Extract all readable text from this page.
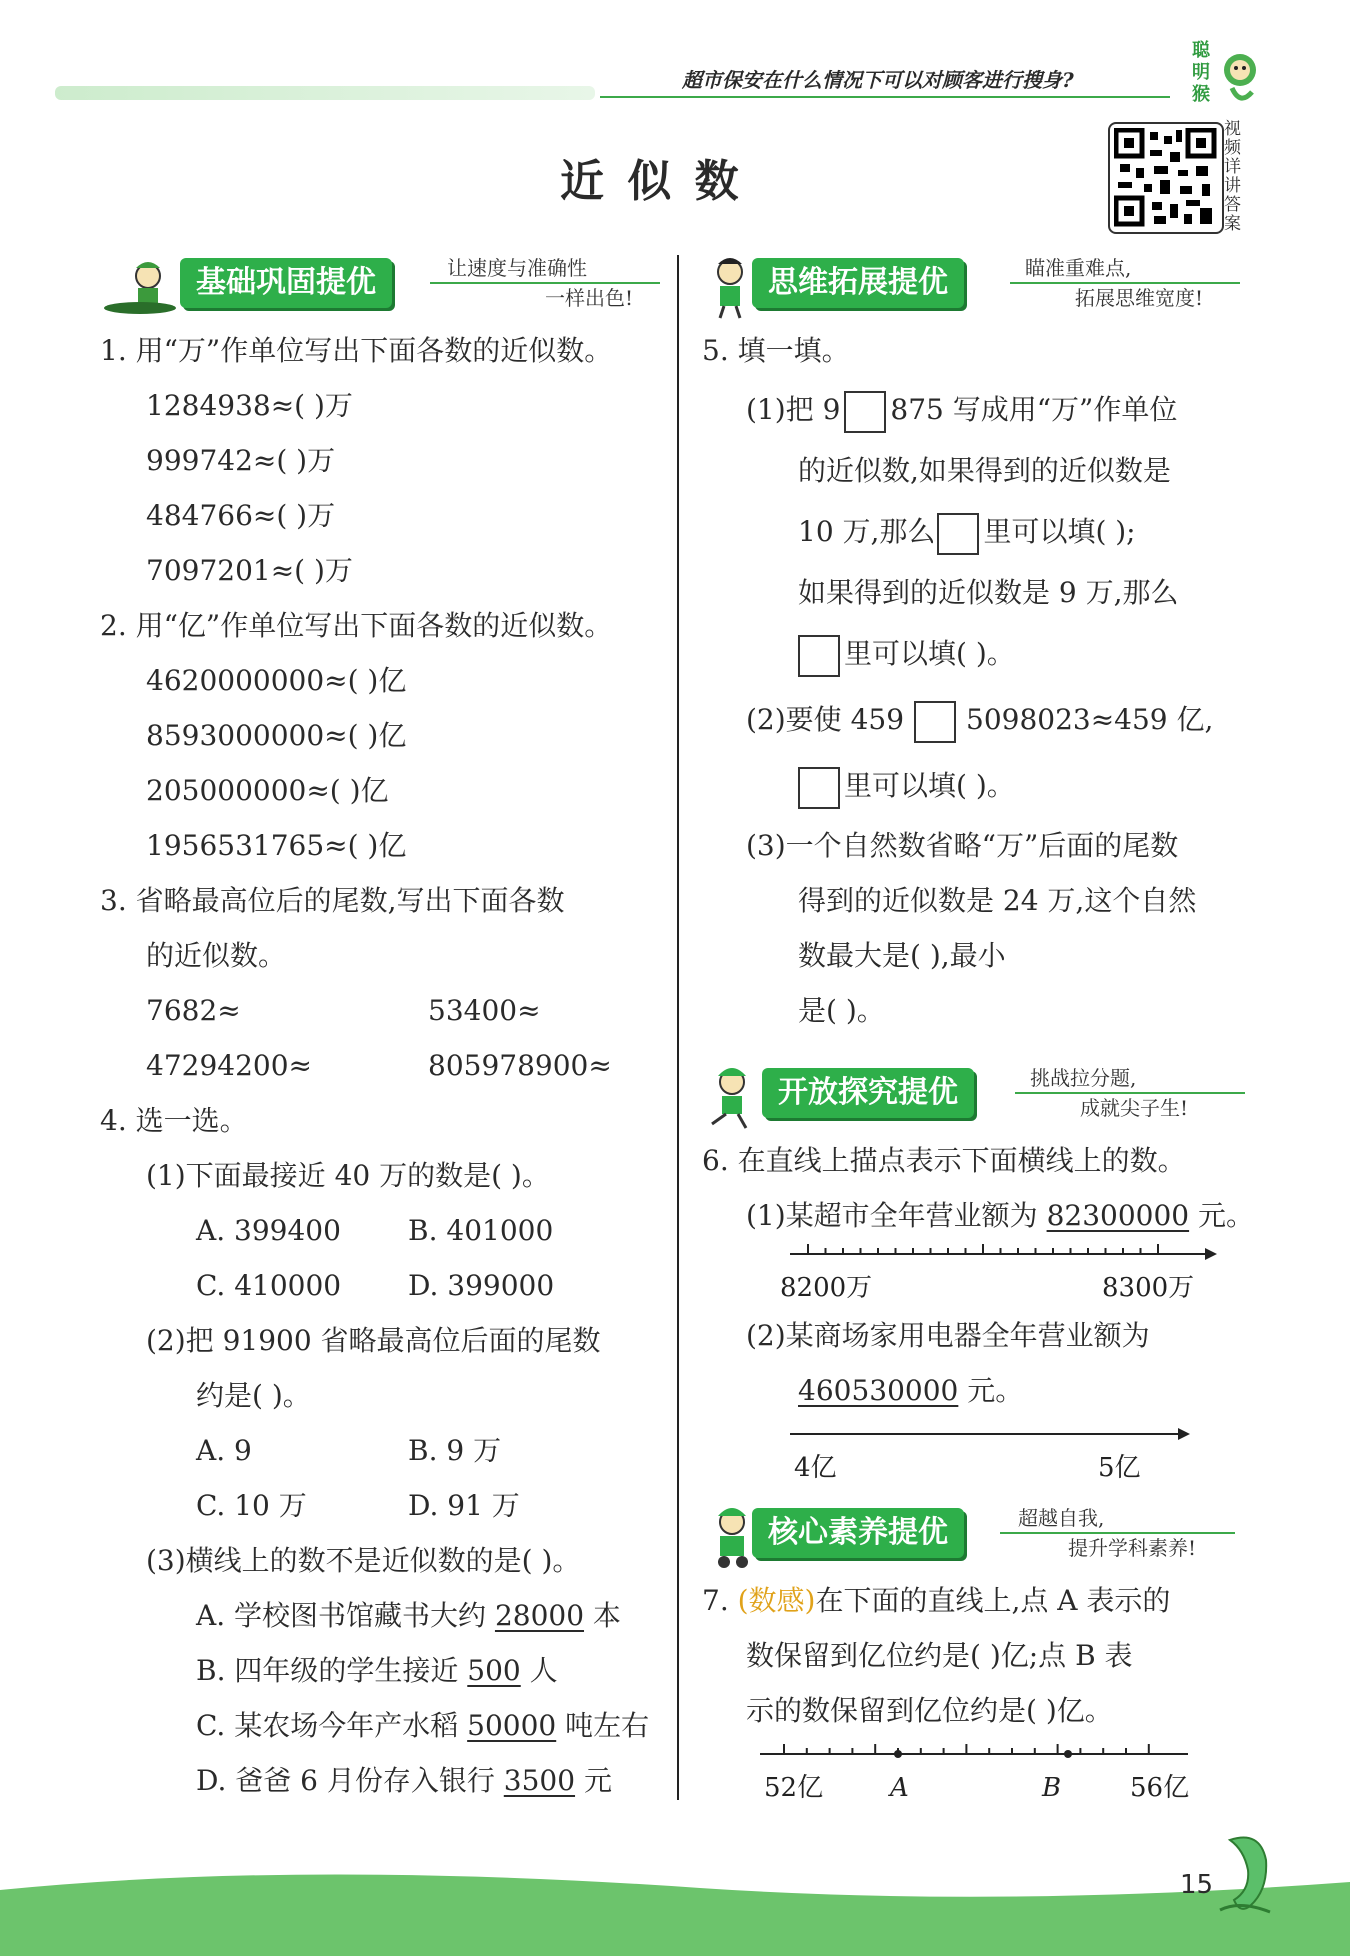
超市保安在什么情况下可以对顾客进行搜身?
聪明猴
近 似 数
视频详讲答案
基础巩固提优	让速度与准确性
一样出色!	思维拓展提优	瞄准重难点,
拓展思维宽度!
1. 用“万”作单位写出下面各数的近似数。
1284938≈( )万
999742≈( )万
484766≈( )万
7097201≈( )万
2. 用“亿”作单位写出下面各数的近似数。
4620000000≈( )亿
8593000000≈( )亿
205000000≈( )亿
1956531765≈( )亿
3. 省略最高位后的尾数,写出下面各数
的近似数。
7682≈	53400≈
47294200≈	805978900≈
4. 选一选。
(1)下面最接近 40 万的数是( )。
A. 399400 B. 401000
C. 410000 D. 399000
(2)把 91900 省略最高位后面的尾数
约是( )。
A. 9	B. 9 万
C. 10 万	D. 91 万
(3)横线上的数不是近似数的是( )。
A. 学校图书馆藏书大约 28000 本
B. 四年级的学生接近 500 人
C. 某农场今年产水稻 50000 吨左右
D. 爸爸 6 月份存入银行 3500 元
5. 填一填。
(1)把 9 875 写成用“万”作单位
的近似数,如果得到的近似数是
10 万,那么 里可以填( );
如果得到的近似数是 9 万,那么
里可以填( )。
(2)要使 459 5098023≈459 亿,
里可以填( )。
(3)一个自然数省略“万”后面的尾数
得到的近似数是 24 万,这个自然
数最大是( ),最小
是( )。
开放探究提优	挑战拉分题,
成就尖子生!
6. 在直线上描点表示下面横线上的数。
(1)某超市全年营业额为 82300000 元。
8200万	8300万
(2)某商场家用电器全年营业额为
460530000 元。
4亿	5亿
核心素养提优	超越自我,
提升学科素养!
7. (数感)在下面的直线上,点 A 表示的
数保留到亿位约是( )亿;点 B 表
示的数保留到亿位约是( )亿。
52亿	A	B	56亿
15
